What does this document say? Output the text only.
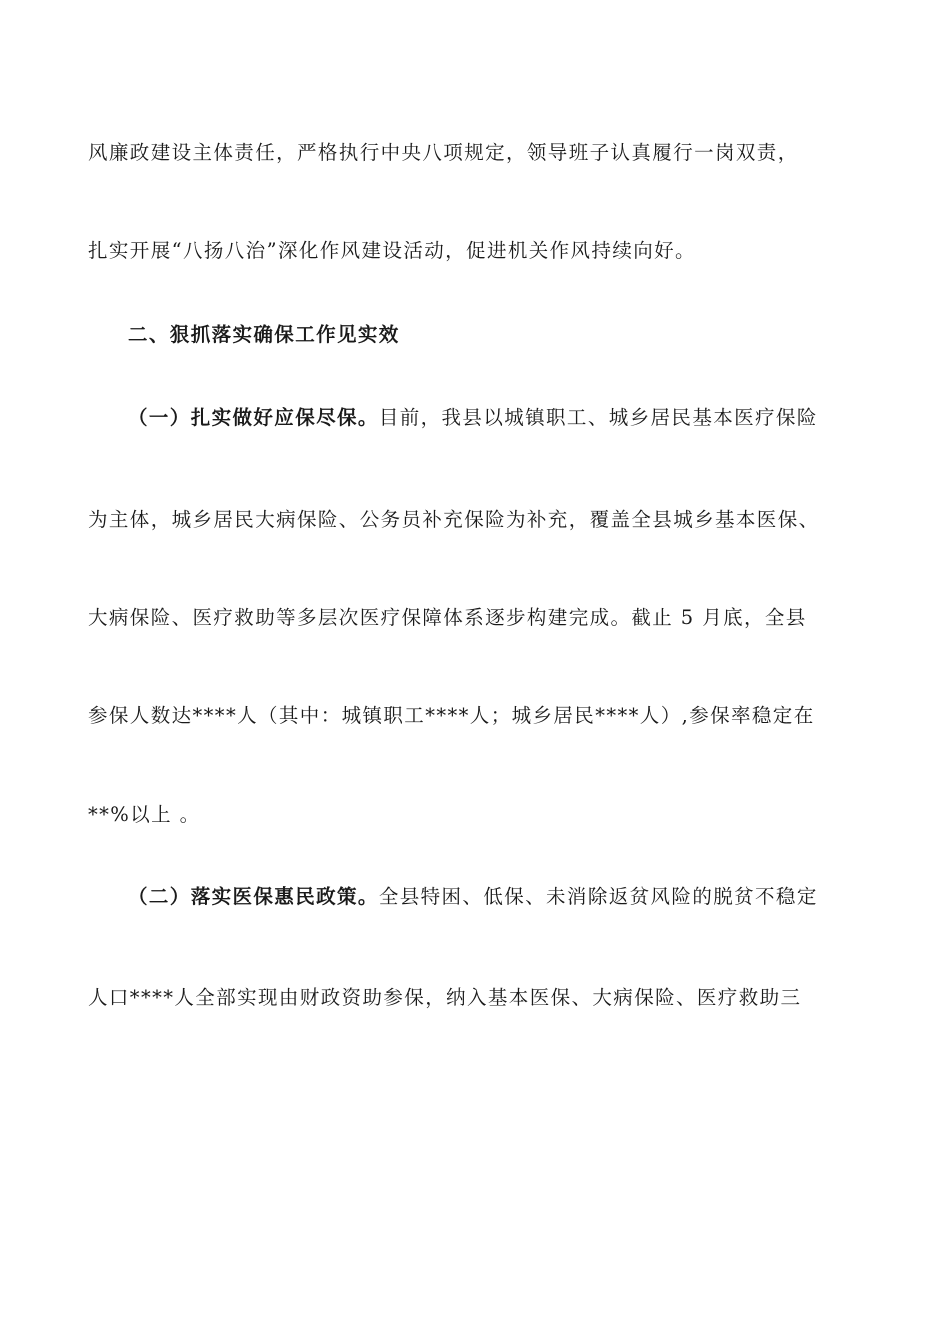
风廉政建设主体责任，严格执行中央八项规定，领导班子认真履行一岗双责，
扎实开展“八扬八治”深化作风建设活动，促进机关作风持续向好。
二、狠抓落实确保工作见实效
（一）扎实做好应保尽保。目前，我县以城镇职工、城乡居民基本医疗保险
为主体，城乡居民大病保险、公务员补充保险为补充，覆盖全县城乡基本医保、
大病保险、医疗救助等多层次医疗保障体系逐步构建完成。截止 5 月底，全县
参保人数达****人（其中：城镇职工****人；城乡居民****人）,参保率稳定在
**%以上 。
（二）落实医保惠民政策。全县特困、低保、未消除返贫风险的脱贫不稳定
人口****人全部实现由财政资助参保，纳入基本医保、大病保险、医疗救助三
